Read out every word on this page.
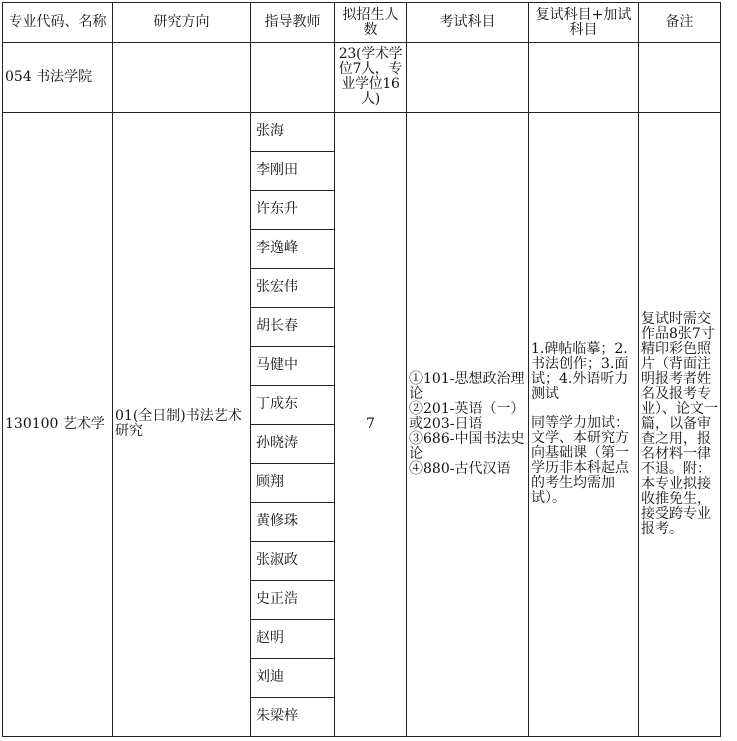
专业代码、名称	研究方向	指导教师	拟招生人数	考试科目	复试科目+加试科目	备注
054 书法学院			23(学术学位7人，专业学位16人)			
130100 艺术学	01(全日制)书法艺术研究	张海	7	①101-思想政治理论
②201-英语（一）或203-日语
③686-中国书法史论
④880-古代汉语	1.碑帖临摹；2.书法创作；3.面试；4.外语听力测试
同等学力加试：文学、本研究方向基础课（第一学历非本科起点的考生均需加试）。	复试时需交作品8张7寸精印彩色照片（背面注明报考者姓名及报考专业）、论文一篇，以备审查之用，报名材料一律不退。附：本专业拟接收推免生，接受跨专业报考。
		李刚田				
		许东升				
		李逸峰				
		张宏伟				
		胡长春				
		马健中				
		丁成东				
		孙晓涛				
		顾翔				
		黄修珠				
		张淑政				
		史正浩				
		赵明				
		刘迪				
		朱梁梓				
